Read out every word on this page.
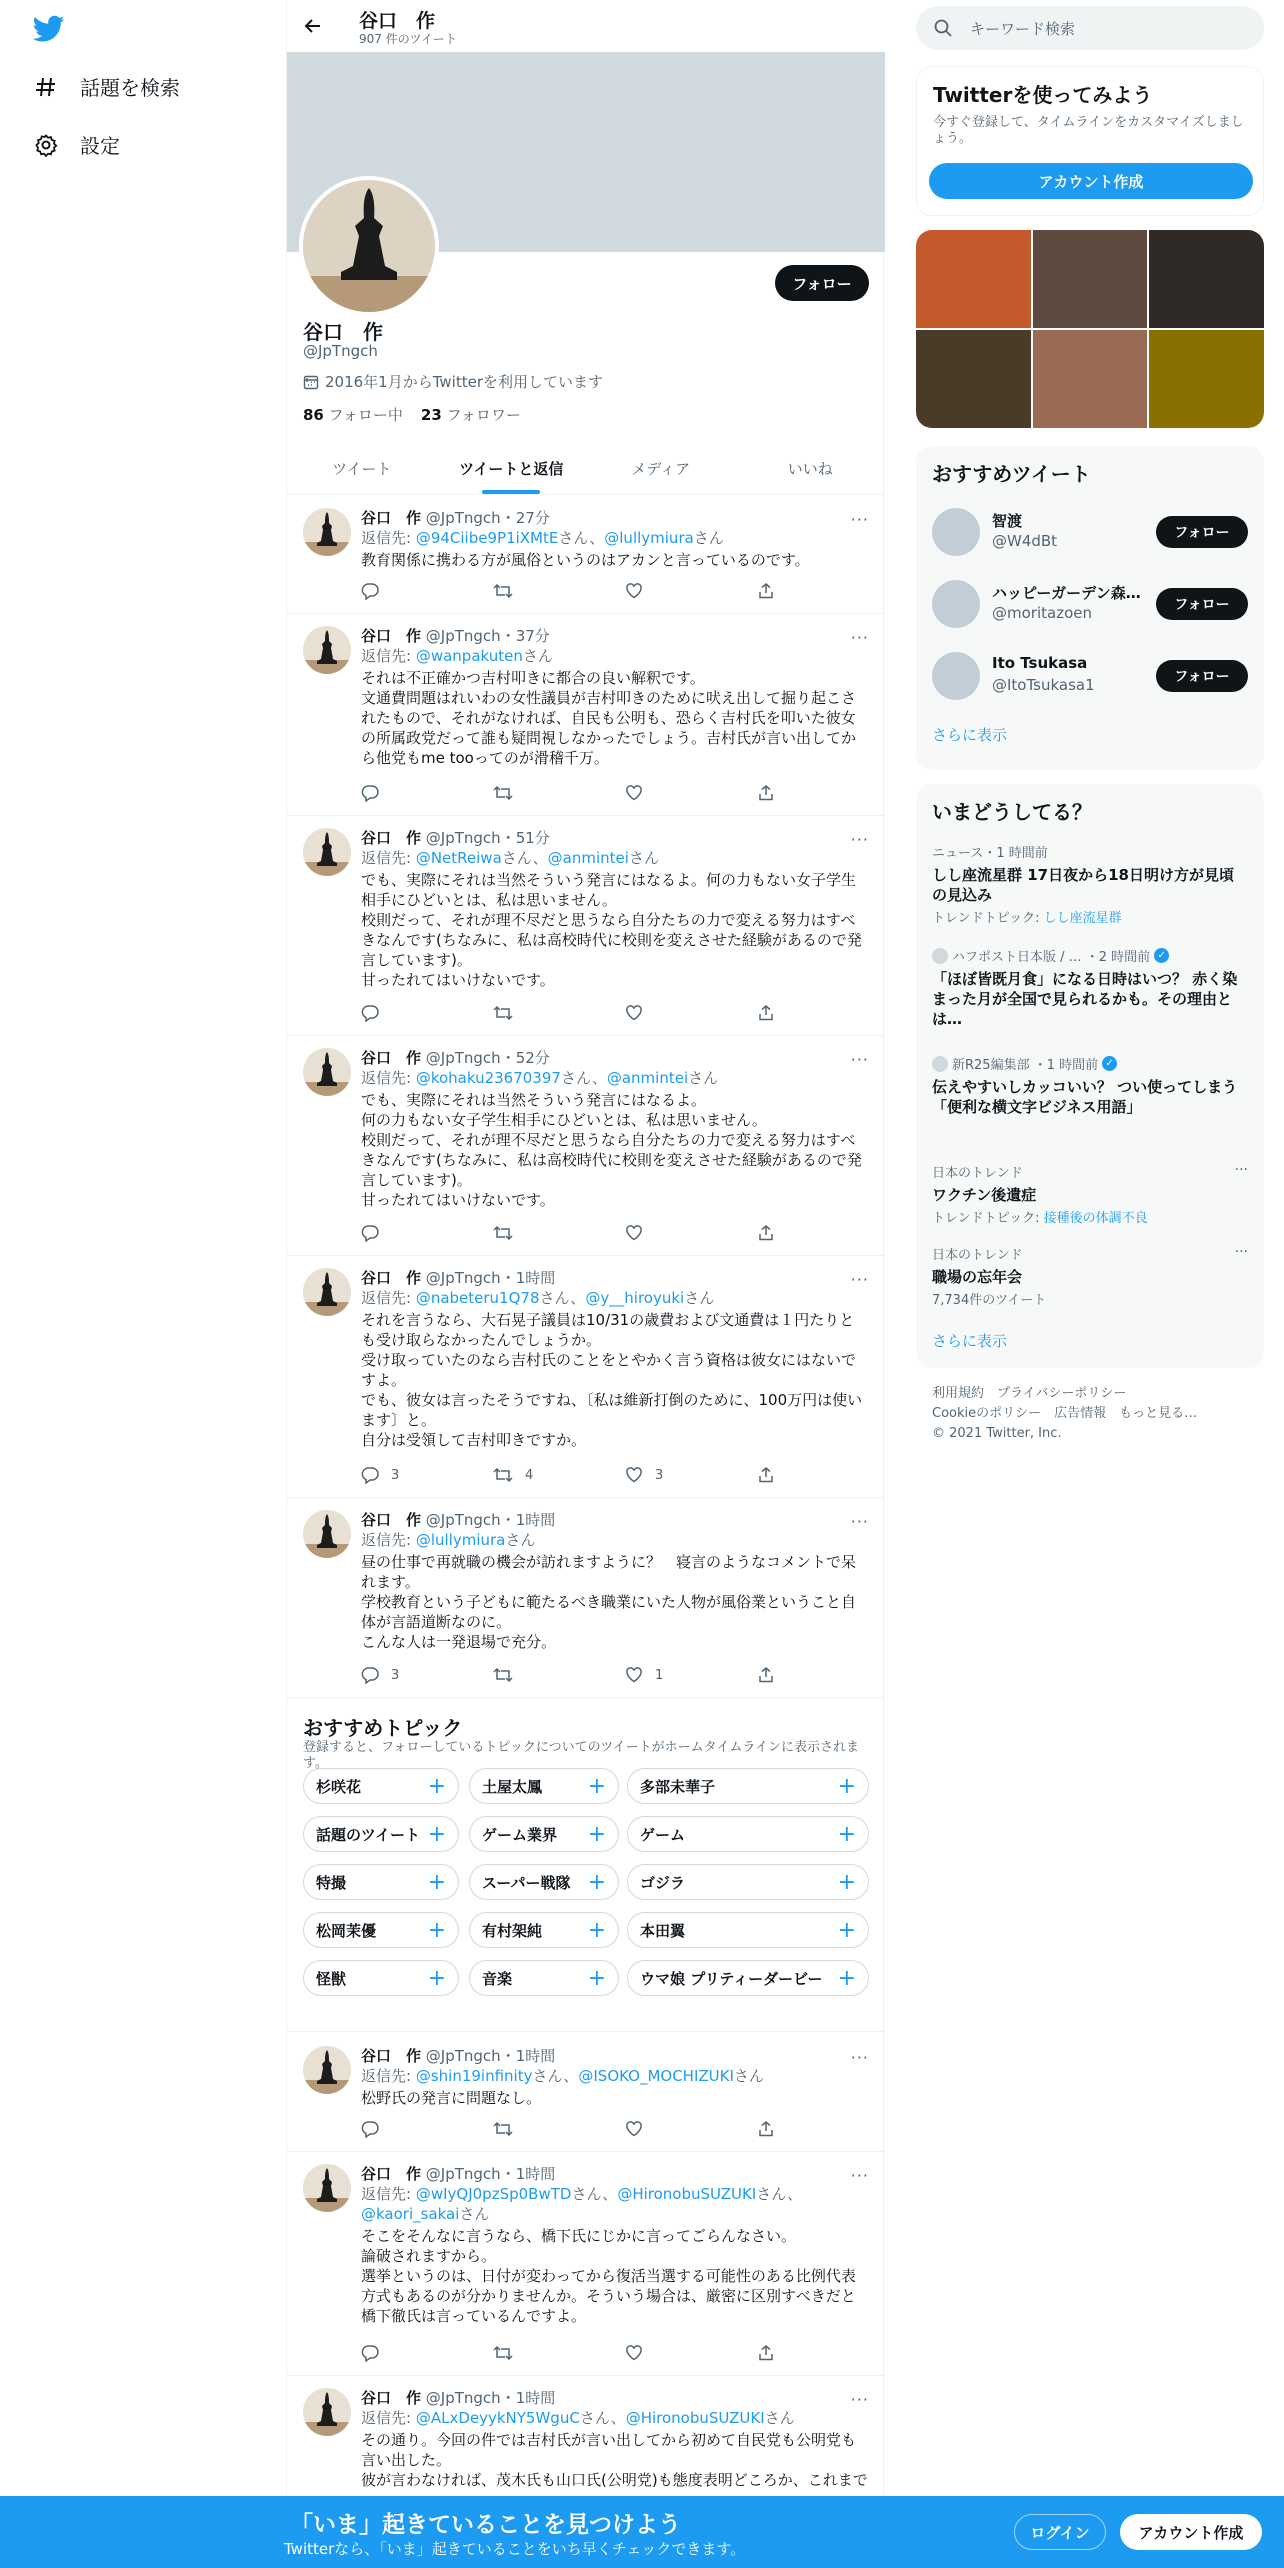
話題を検索
設定
谷口　作
907 件のツイート
フォロー
谷口　作
@JpTngch
2016年1月からTwitterを利用しています
86 フォロー中 23 フォロワー
ツイート	ツイートと返信	メディア	いいね
···
谷口　作 @JpTngch・27分
返信先: @94Ciibe9P1iXMtEさん、@lullymiuraさん
教育関係に携わる方が風俗というのはアカンと言っているのです。
···
谷口　作 @JpTngch・37分
返信先: @wanpakutenさん
それは不正確かつ吉村叩きに都合の良い解釈です。
文通費問題はれいわの女性議員が吉村叩きのために吠え出して掘り起こされたもので、それがなければ、自民も公明も、恐らく吉村氏を叩いた彼女の所属政党だって誰も疑問視しなかったでしょう。吉村氏が言い出してから他党もme tooってのが滑稽千万。
···
谷口　作 @JpTngch・51分
返信先: @NetReiwaさん、@anminteiさん
でも、実際にそれは当然そういう発言にはなるよ。何の力もない女子学生相手にひどいとは、私は思いません。
校則だって、それが理不尽だと思うなら自分たちの力で変える努力はすべきなんです(ちなみに、私は高校時代に校則を変えさせた経験があるので発言しています)。
甘ったれてはいけないです。
···
谷口　作 @JpTngch・52分
返信先: @kohaku23670397さん、@anminteiさん
でも、実際にそれは当然そういう発言にはなるよ。
何の力もない女子学生相手にひどいとは、私は思いません。
校則だって、それが理不尽だと思うなら自分たちの力で変える努力はすべきなんです(ちなみに、私は高校時代に校則を変えさせた経験があるので発言しています)。
甘ったれてはいけないです。
···
谷口　作 @JpTngch・1時間
返信先: @nabeteru1Q78さん、@y__hiroyukiさん
それを言うなら、大石晃子議員は10/31の歳費および文通費は１円たりとも受け取らなかったんでしょうか。
受け取っていたのなら吉村氏のことをとやかく言う資格は彼女にはないですよ。
でも、彼女は言ったそうですね、〔私は維新打倒のために、100万円は使います〕と。
自分は受領して吉村叩きですか。
3	4	3
···
谷口　作 @JpTngch・1時間
返信先: @lullymiuraさん
昼の仕事で再就職の機会が訪れますように？　寝言のようなコメントで呆れます。
学校教育という子どもに範たるべき職業にいた人物が風俗業ということ自体が言語道断なのに。
こんな人は一発退場で充分。
3	1
···
谷口　作 @JpTngch・1時間
返信先: @shin19infinityさん、@ISOKO_MOCHIZUKIさん
松野氏の発言に問題なし。
···
谷口　作 @JpTngch・1時間
返信先: @wIyQJ0pzSp0BwTDさん、@HironobuSUZUKIさん、@kaori_sakaiさん
そこをそんなに言うなら、橋下氏にじかに言ってごらんなさい。
論破されますから。
選挙というのは、日付が変わってから復活当選する可能性のある比例代表方式もあるのが分かりませんか。そういう場合は、厳密に区別すべきだと橋下徹氏は言っているんですよ。
···
谷口　作 @JpTngch・1時間
返信先: @ALxDeyykNY5WguCさん、@HironobuSUZUKIさん
その通り。今回の件では吉村氏が言い出してから初めて自民党も公明党も言い出した。
彼が言わなければ、茂木氏も山口氏(公明党)も態度表明どころか、これまで
おすすめトピック
登録すると、フォローしているトピックについてのツイートがホームタイムラインに表示されます。
杉咲花	+ 土屋太鳳 + 多部未華子	+
話題のツイート + ゲーム業界 + ゲーム	+
特撮	+ スーパー戦隊 + ゴジラ	+
松岡茉優 + 有村架純 + 本田翼	+
怪獣	+ 音楽	+ ウマ娘 プリティーダービー +
キーワード検索
Twitterを使ってみよう

今すぐ登録して、タイムラインをカスタマイズしましょう。

アカウント作成
おすすめツイート
智渡
@W4dBt	フォロー
ハッピーガーデン森…
@moritazoen	フォロー
Ito Tsukasa
@ItoTsukasa1	フォロー
さらに表示
いまどうしてる？
ニュース・1 時間前
しし座流星群 17日夜から18日明け方が見頃の見込み
トレンドトピック: しし座流星群
ハフポスト日本版 / … ・2 時間前 ✓
「ほぼ皆既月食」になる日時はいつ？ 赤く染まった月が全国で見られるかも。その理由とは…
新R25編集部 ・1 時間前 ✓
伝えやすいしカッコいい？ つい使ってしまう「便利な横文字ビジネス用語」
日本のトレンド
ワクチン後遺症
トレンドトピック: 接種後の体調不良
···
日本のトレンド
職場の忘年会
7,734件のツイート
···
さらに表示
利用規約　プライバシーポリシー
Cookieのポリシー　広告情報　もっと見る…
© 2021 Twitter, Inc.
「いま」起きていることを見つけよう
Twitterなら、「いま」起きていることをいち早くチェックできます。
ログイン	アカウント作成
